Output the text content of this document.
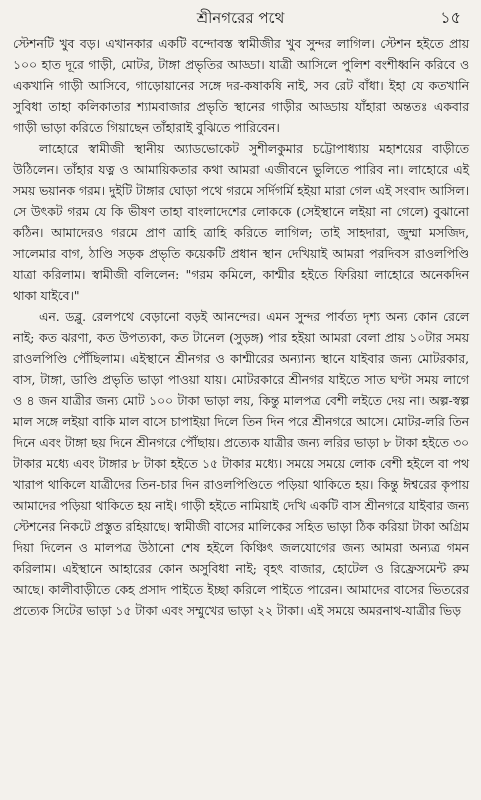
শ্রীনগরের পথে	১৫

স্টেশনটি খুব বড়। এখানকার একটি বন্দোবস্ত স্বামীজীর খুব সুন্দর লাগিল। স্টেশন হইতে প্রায় ১০০ হাত দূরে গাড়ী, মোটর, টাঙ্গা প্রভৃতির আড্ডা। যাত্রী আসিলে পুলিশ বংশীধ্বনি করিবে ও একখানি গাড়ী আসিবে, গাড়োয়ানের সঙ্গে দর-কষাকষি নাই, সব রেট বাঁধা। ইহা যে কতখানি সুবিধা তাহা কলিকাতার শ্যামবাজার প্রভৃতি স্থানের গাড়ীর আড্ডায় যাঁহারা অন্ততঃ একবার গাড়ী ভাড়া করিতে গিয়াছেন তাঁহারাই বুঝিতে পারিবেন।

লাহোরে স্বামীজী স্থানীয় অ্যাডভোকেট সুশীলকুমার চট্টোপাধ্যায় মহাশয়ের বাড়ীতে উঠিলেন। তাঁহার যত্ন ও আমায়িকতার কথা আমরা এজীবনে ভুলিতে পারিব না। লাহোরে এই সময় ভয়ানক গরম। দুইটি টাঙ্গার ঘোড়া পথে গরমে সর্দিগর্মি হইয়া মারা গেল এই সংবাদ আসিল। সে উৎকট গরম যে কি ভীষণ তাহা বাংলাদেশের লোককে (সেইস্থানে লইয়া না গেলে) বুঝানো কঠিন। আমাদেরও গরমে প্রাণ ত্রাহি ত্রাহি করিতে লাগিল; তাই সাহদারা, জুম্মা মসজিদ, সালেমার বাগ, ঠাণ্ডি সড়ক প্রভৃতি কয়েকটি প্রধান স্থান দেখিয়াই আমরা পরদিবস রাওলপিণ্ডি যাত্রা করিলাম। স্বামীজী বলিলেন: "গরম কমিলে, কাশ্মীর হইতে ফিরিয়া লাহোরে অনেকদিন থাকা যাইবে।"

এন. ডব্লু. রেলপথে বেড়ানো বড়ই আনন্দের। এমন সুন্দর পার্বত্য দৃশ্য অন্য কোন রেলে নাই; কত ঝরণা, কত উপত্যকা, কত টানেল (সুড়ঙ্গ) পার হইয়া আমরা বেলা প্রায় ১০টার সময় রাওলপিণ্ডি পৌঁছিলাম। এইস্থানে শ্রীনগর ও কাশ্মীরের অন্যান্য স্থানে যাইবার জন্য মোটরকার, বাস, টাঙ্গা, ডাণ্ডি প্রভৃতি ভাড়া পাওয়া যায়। মোটরকারে শ্রীনগর যাইতে সাত ঘণ্টা সময় লাগে ও ৪ জন যাত্রীর জন্য মোট ১০০ টাকা ভাড়া লয়, কিন্তু মালপত্র বেশী লইতে দেয় না। অল্প-স্বল্প মাল সঙ্গে লইয়া বাকি মাল বাসে চাপাইয়া দিলে তিন দিন পরে শ্রীনগরে আসে। মোটর-লরি তিন দিনে এবং টাঙ্গা ছয় দিনে শ্রীনগরে পৌঁছায়। প্রত্যেক যাত্রীর জন্য লরির ভাড়া ৮ টাকা হইতে ৩০ টাকার মধ্যে এবং টাঙ্গার ৮ টাকা হইতে ১৫ টাকার মধ্যে। সময়ে সময়ে লোক বেশী হইলে বা পথ খারাপ থাকিলে যাত্রীদের তিন-চার দিন রাওলপিণ্ডিতে পড়িয়া থাকিতে হয়। কিন্তু ঈশ্বরের কৃপায় আমাদের পড়িয়া থাকিতে হয় নাই। গাড়ী হইতে নামিয়াই দেখি একটি বাস শ্রীনগরে যাইবার জন্য স্টেশনের নিকটে প্রস্তুত রহিয়াছে। স্বামীজী বাসের মালিকের সহিত ভাড়া ঠিক করিয়া টাকা অগ্রিম দিয়া দিলেন ও মালপত্র উঠানো শেষ হইলে কিঞ্চিৎ জলযোগের জন্য আমরা অন্যত্র গমন করিলাম। এইস্থানে আহারের কোন অসুবিধা নাই; বৃহৎ বাজার, হোটেল ও রিফ্রেসমেন্ট রুম আছে। কালীবাড়ীতে কেহ প্রসাদ পাইতে ইচ্ছা করিলে পাইতে পারেন। আমাদের বাসের ভিতরের প্রত্যেক সিটের ভাড়া ১৫ টাকা এবং সম্মুখের ভাড়া ২২ টাকা। এই সময়ে অমরনাথ-যাত্রীর ভিড়
